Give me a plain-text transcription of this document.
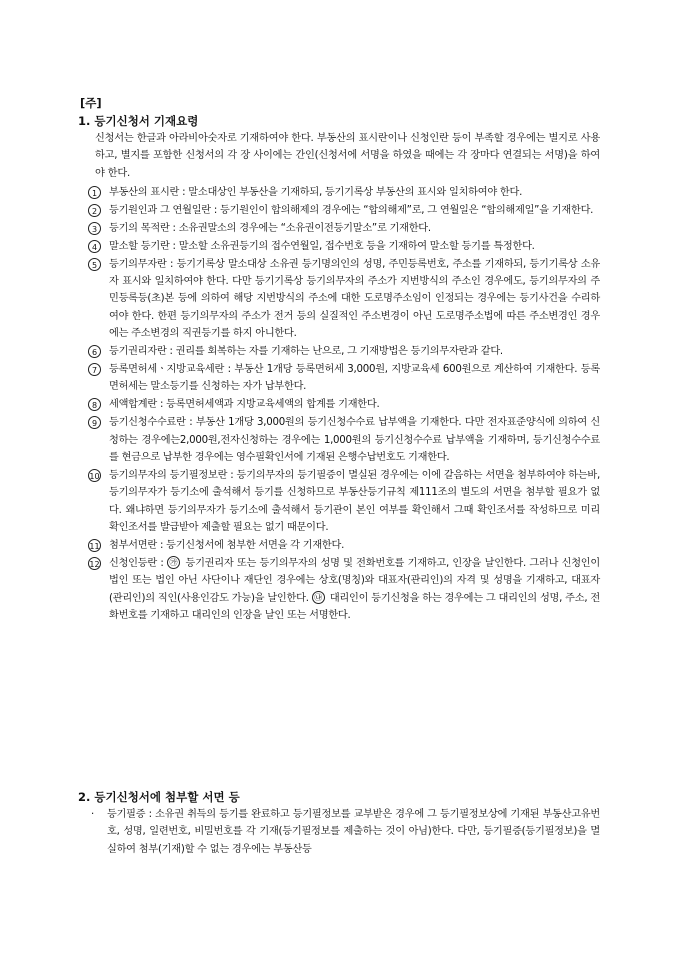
[주]
1. 등기신청서 기재요령
신청서는 한글과 아라비아숫자로 기재하여야 한다. 부동산의 표시란이나 신청인란 등이 부족할 경우에는 별지로 사용하고, 별지를 포함한 신청서의 각 장 사이에는 간인(신청서에 서명을 하였을 때에는 각 장마다 연결되는 서명)을 하여야 한다.
1	부동산의 표시란 : 말소대상인 부동산을 기재하되, 등기기록상 부동산의 표시와 일치하여야 한다.
2	등기원인과 그 연월일란 : 등기원인이 합의해제의 경우에는 “합의해제”로, 그 연월일은 “합의해제일”을 기재한다.
3	등기의 목적란 : 소유권말소의 경우에는 “소유권이전등기말소”로 기재한다.
4	말소할 등기란 : 말소할 소유권등기의 접수연월일, 접수번호 등을 기재하여 말소할 등기를 특정한다.
5	등기의무자란 : 등기기록상 말소대상 소유권 등기명의인의 성명, 주민등록번호, 주소를 기재하되, 등기기록상 소유자 표시와 일치하여야 한다. 다만 등기기록상 등기의무자의 주소가 지번방식의 주소인 경우에도, 등기의무자의 주민등록등(초)본 등에 의하여 해당 지번방식의 주소에 대한 도로명주소임이 인정되는 경우에는 등기사건을 수리하여야 한다. 한편 등기의무자의 주소가 전거 등의 실질적인 주소변경이 아닌 도로명주소법에 따른 주소변경인 경우에는 주소변경의 직권등기를 하지 아니한다.
6	등기권리자란 : 권리를 회복하는 자를 기재하는 난으로, 그 기재방법은 등기의무자란과 같다.
7	등록면허세ㆍ지방교육세란 : 부동산 1개당 등록면허세 3,000원, 지방교육세 600원으로 계산하여 기재한다. 등록면허세는 말소등기를 신청하는 자가 납부한다.
8	세액합계란 : 등록면허세액과 지방교육세액의 합계를 기재한다.
9	등기신청수수료란 : 부동산 1개당 3,000원의 등기신청수수료 납부액을 기재한다. 다만 전자표준양식에 의하여 신청하는 경우에는2,000원,전자신청하는 경우에는 1,000원의 등기신청수수료 납부액을 기재하며, 등기신청수수료를 현금으로 납부한 경우에는 영수필확인서에 기재된 은행수납번호도 기재한다.
10 등기의무자의 등기필정보란 : 등기의무자의 등기필증이 멸실된 경우에는 이에 갈음하는 서면을 첨부하여야 하는바, 등기의무자가 등기소에 출석해서 등기를 신청하므로 부동산등기규칙 제111조의 별도의 서면을 첨부할 필요가 없다. 왜냐하면 등기의무자가 등기소에 출석해서 등기관이 본인 여부를 확인해서 그때 확인조서를 작성하므로 미리 확인조서를 발급받아 제출할 필요는 없기 때문이다.
11 첨부서면란 : 등기신청서에 첨부한 서면을 각 기재한다.
12 신청인등란 : ㉮ 등기권리자 또는 등기의무자의 성명 및 전화번호를 기재하고, 인장을 날인한다. 그러나 신청인이 법인 또는 법인 아닌 사단이나 재단인 경우에는 상호(명칭)와 대표자(관리인)의 자격 및 성명을 기재하고, 대표자(관리인)의 직인(사용인감도 가능)을 날인한다. ㉯ 대리인이 등기신청을 하는 경우에는 그 대리인의 성명, 주소, 전화번호를 기재하고 대리인의 인장을 날인 또는 서명한다.
2. 등기신청서에 첨부할 서면 등
· 등기필증 : 소유권 취득의 등기를 완료하고 등기필정보를 교부받은 경우에 그 등기필정보상에 기재된 부동산고유번호, 성명, 일련번호, 비밀번호를 각 기재(등기필정보를 제출하는 것이 아님)한다. 다만, 등기필증(등기필정보)을 멸실하여 첨부(기재)할 수 없는 경우에는 부동산등
